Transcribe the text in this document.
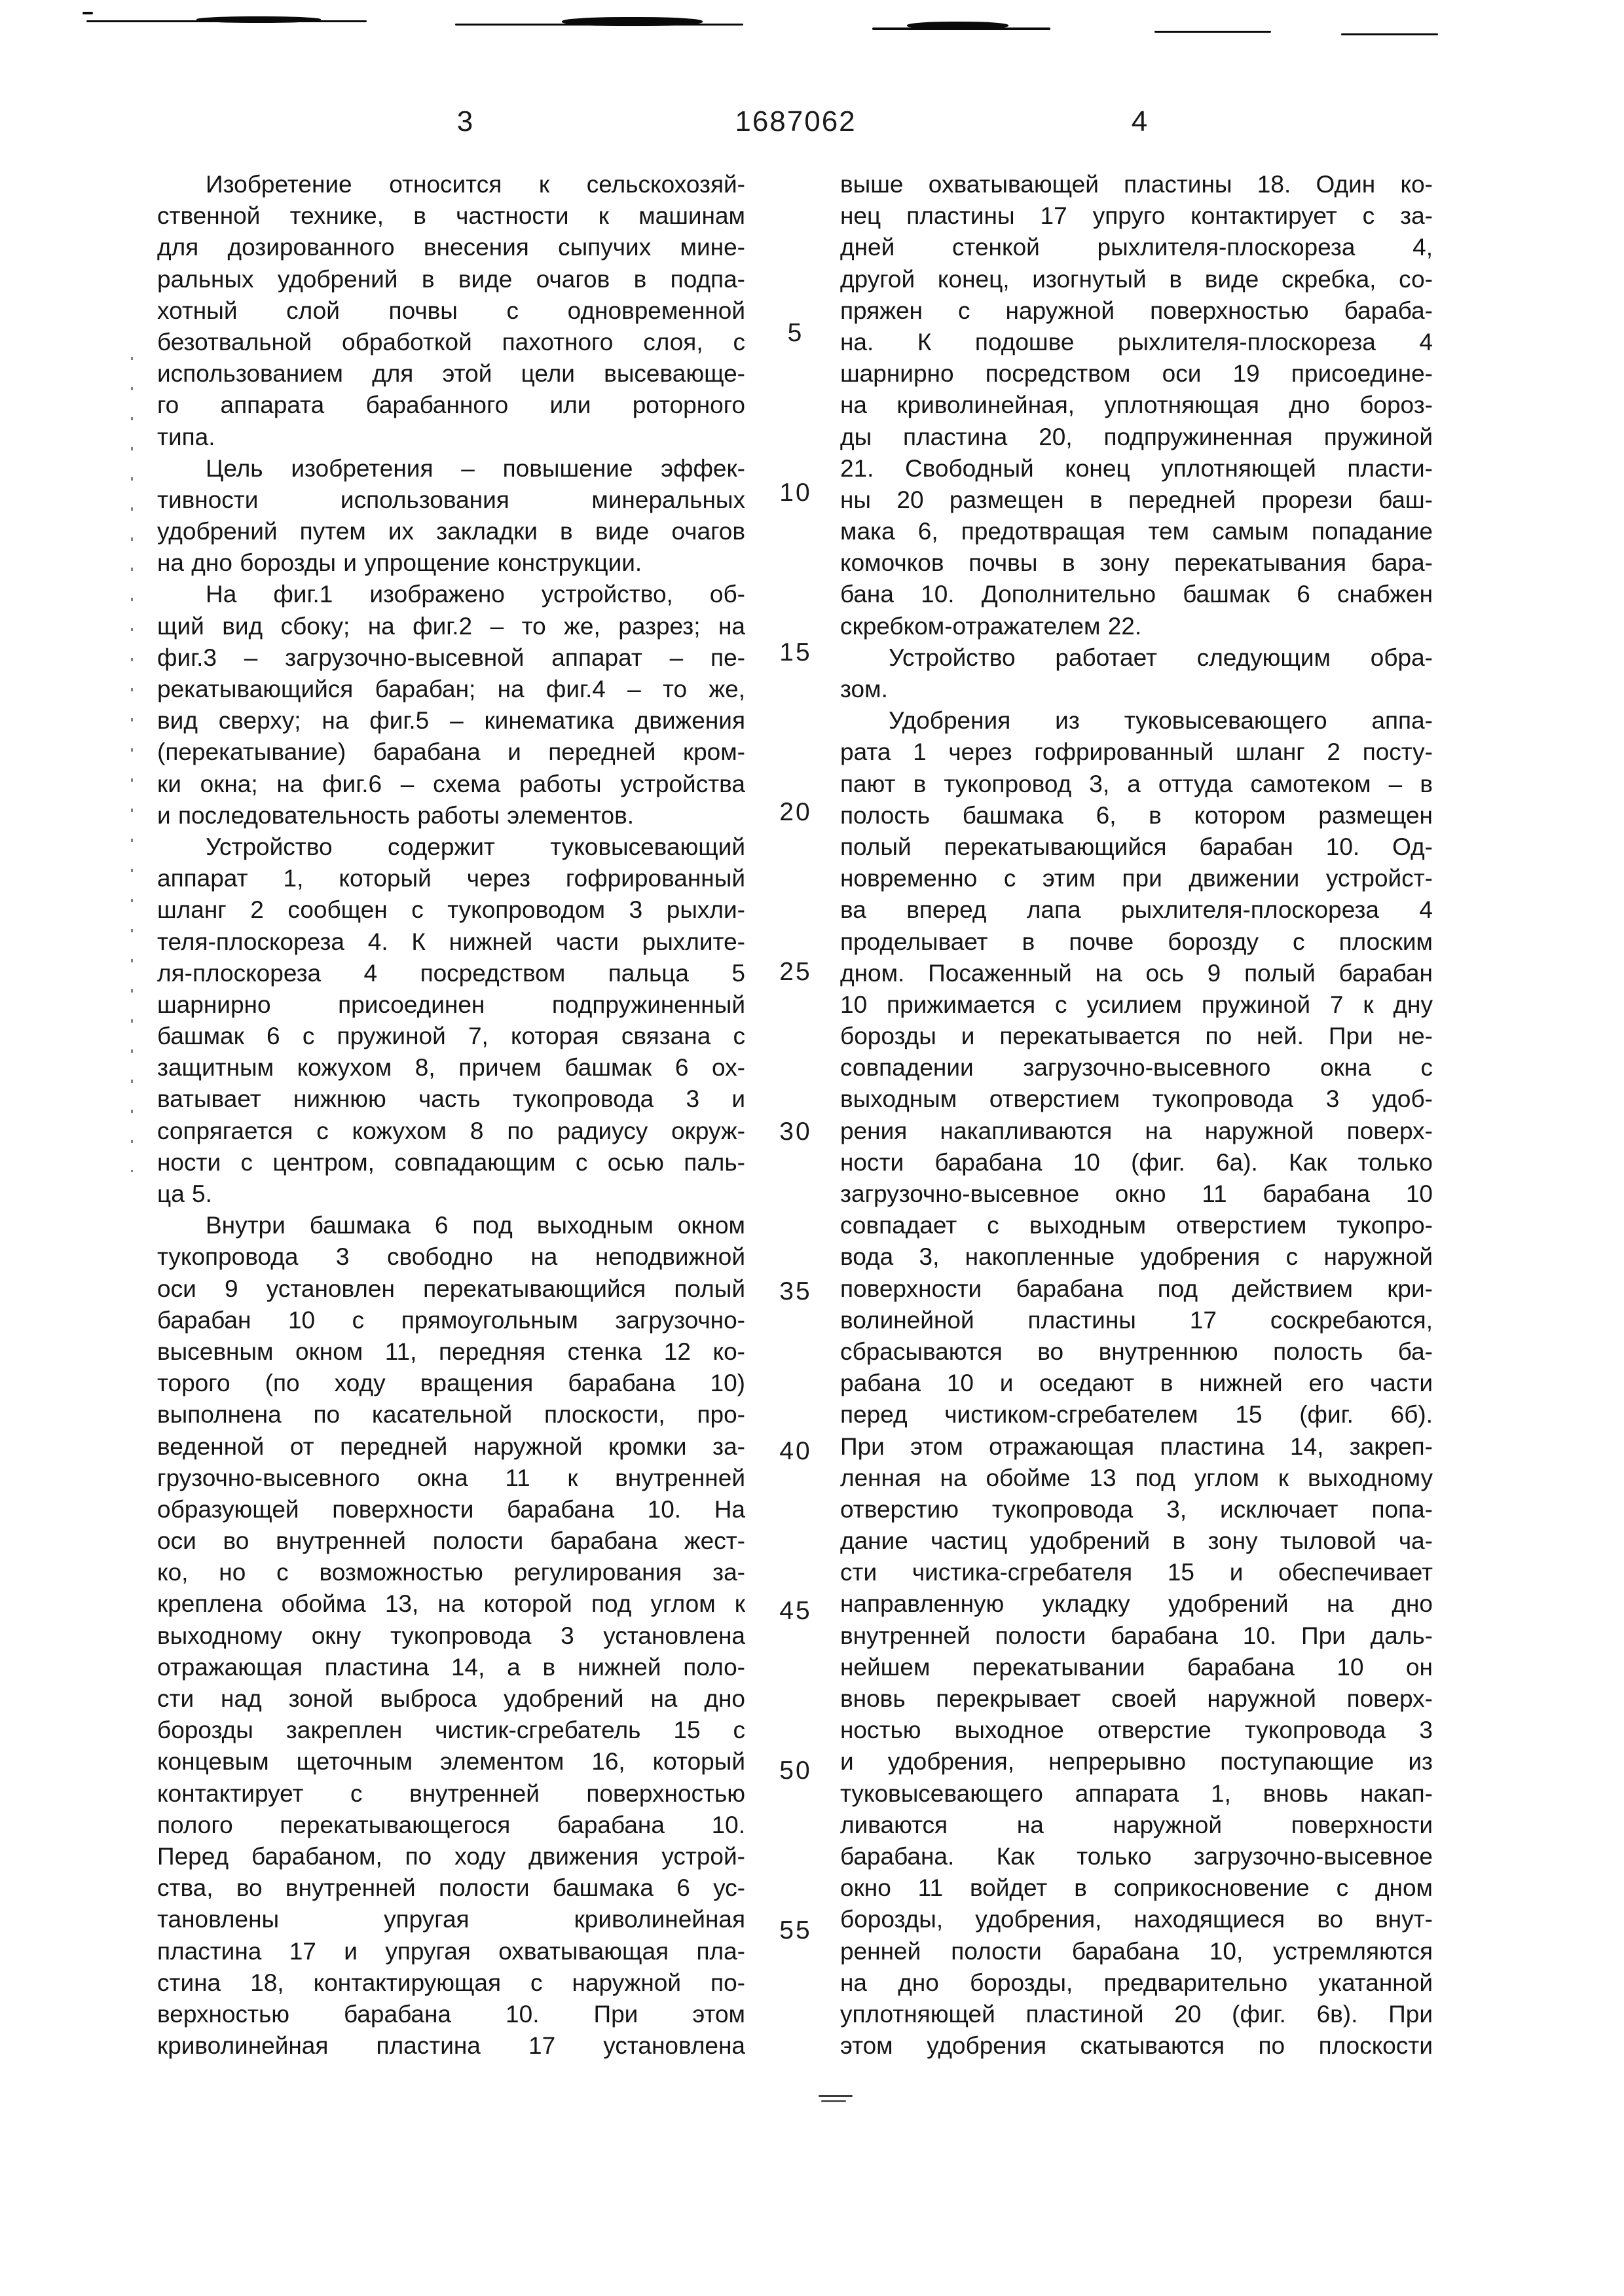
3	1687062	4
Изобретение относится к сельскохозяй-
ственной технике, в частности к машинам
для дозированного внесения сыпучих мине-
ральных удобрений в виде очагов в подпа-
хотный слой почвы с одновременной
безотвальной обработкой пахотного слоя, с
использованием для этой цели высевающе-
го аппарата барабанного или роторного
типа.
Цель изобретения – повышение эффек-
тивности использования минеральных
удобрений путем их закладки в виде очагов
на дно борозды и упрощение конструкции.
На фиг.1 изображено устройство, об-
щий вид сбоку; на фиг.2 – то же, разрез; на
фиг.3 – загрузочно-высевной аппарат – пе-
рекатывающийся барабан; на фиг.4 – то же,
вид сверху; на фиг.5 – кинематика движения
(перекатывание) барабана и передней кром-
ки окна; на фиг.6 – схема работы устройства
и последовательность работы элементов.
Устройство содержит туковысевающий
аппарат 1, который через гофрированный
шланг 2 сообщен с тукопроводом 3 рыхли-
теля-плоскореза 4. К нижней части рыхлите-
ля-плоскореза 4 посредством пальца 5
шарнирно присоединен подпружиненный
башмак 6 с пружиной 7, которая связана с
защитным кожухом 8, причем башмак 6 ох-
ватывает нижнюю часть тукопровода 3 и
сопрягается с кожухом 8 по радиусу окруж-
ности с центром, совпадающим с осью паль-
ца 5.
Внутри башмака 6 под выходным окном
тукопровода 3 свободно на неподвижной
оси 9 установлен перекатывающийся полый
барабан 10 с прямоугольным загрузочно-
высевным окном 11, передняя стенка 12 ко-
торого (по ходу вращения барабана 10)
выполнена по касательной плоскости, про-
веденной от передней наружной кромки за-
грузочно-высевного окна 11 к внутренней
образующей поверхности барабана 10. На
оси во внутренней полости барабана жест-
ко, но с возможностью регулирования за-
креплена обойма 13, на которой под углом к
выходному окну тукопровода 3 установлена
отражающая пластина 14, а в нижней поло-
сти над зоной выброса удобрений на дно
борозды закреплен чистик-сгребатель 15 с
концевым щеточным элементом 16, который
контактирует с внутренней поверхностью
полого перекатывающегося барабана 10.
Перед барабаном, по ходу движения устрой-
ства, во внутренней полости башмака 6 ус-
тановлены упругая криволинейная
пластина 17 и упругая охватывающая пла-
стина 18, контактирующая с наружной по-
верхностью барабана 10. При этом
криволинейная пластина 17 установлена
выше охватывающей пластины 18. Один ко-
нец пластины 17 упруго контактирует с за-
дней стенкой рыхлителя-плоскореза 4,
другой конец, изогнутый в виде скребка, со-
пряжен с наружной поверхностью бараба-
на. К подошве рыхлителя-плоскореза 4
шарнирно посредством оси 19 присоедине-
на криволинейная, уплотняющая дно бороз-
ды пластина 20, подпружиненная пружиной
21. Свободный конец уплотняющей пласти-
ны 20 размещен в передней прорези баш-
мака 6, предотвращая тем самым попадание
комочков почвы в зону перекатывания бара-
бана 10. Дополнительно башмак 6 снабжен
скребком-отражателем 22.
Устройство работает следующим обра-
зом.
Удобрения из туковысевающего аппа-
рата 1 через гофрированный шланг 2 посту-
пают в тукопровод 3, а оттуда самотеком – в
полость башмака 6, в котором размещен
полый перекатывающийся барабан 10. Од-
новременно с этим при движении устройст-
ва вперед лапа рыхлителя-плоскореза 4
проделывает в почве борозду с плоским
дном. Посаженный на ось 9 полый барабан
10 прижимается с усилием пружиной 7 к дну
борозды и перекатывается по ней. При не-
совпадении загрузочно-высевного окна с
выходным отверстием тукопровода 3 удоб-
рения накапливаются на наружной поверх-
ности барабана 10 (фиг. 6а). Как только
загрузочно-высевное окно 11 барабана 10
совпадает с выходным отверстием тукопро-
вода 3, накопленные удобрения с наружной
поверхности барабана под действием кри-
волинейной пластины 17 соскребаются,
сбрасываются во внутреннюю полость ба-
рабана 10 и оседают в нижней его части
перед чистиком-сгребателем 15 (фиг. 6б).
При этом отражающая пластина 14, закреп-
ленная на обойме 13 под углом к выходному
отверстию тукопровода 3, исключает попа-
дание частиц удобрений в зону тыловой ча-
сти чистика-сгребателя 15 и обеспечивает
направленную укладку удобрений на дно
внутренней полости барабана 10. При даль-
нейшем перекатывании барабана 10 он
вновь перекрывает своей наружной поверх-
ностью выходное отверстие тукопровода 3
и удобрения, непрерывно поступающие из
туковысевающего аппарата 1, вновь накап-
ливаются на наружной поверхности
барабана. Как только загрузочно-высевное
окно 11 войдет в соприкосновение с дном
борозды, удобрения, находящиеся во внут-
ренней полости барабана 10, устремляются
на дно борозды, предварительно укатанной
уплотняющей пластиной 20 (фиг. 6в). При
этом удобрения скатываются по плоскости
5
10
15
20
25
30
35
40
45
50
55
